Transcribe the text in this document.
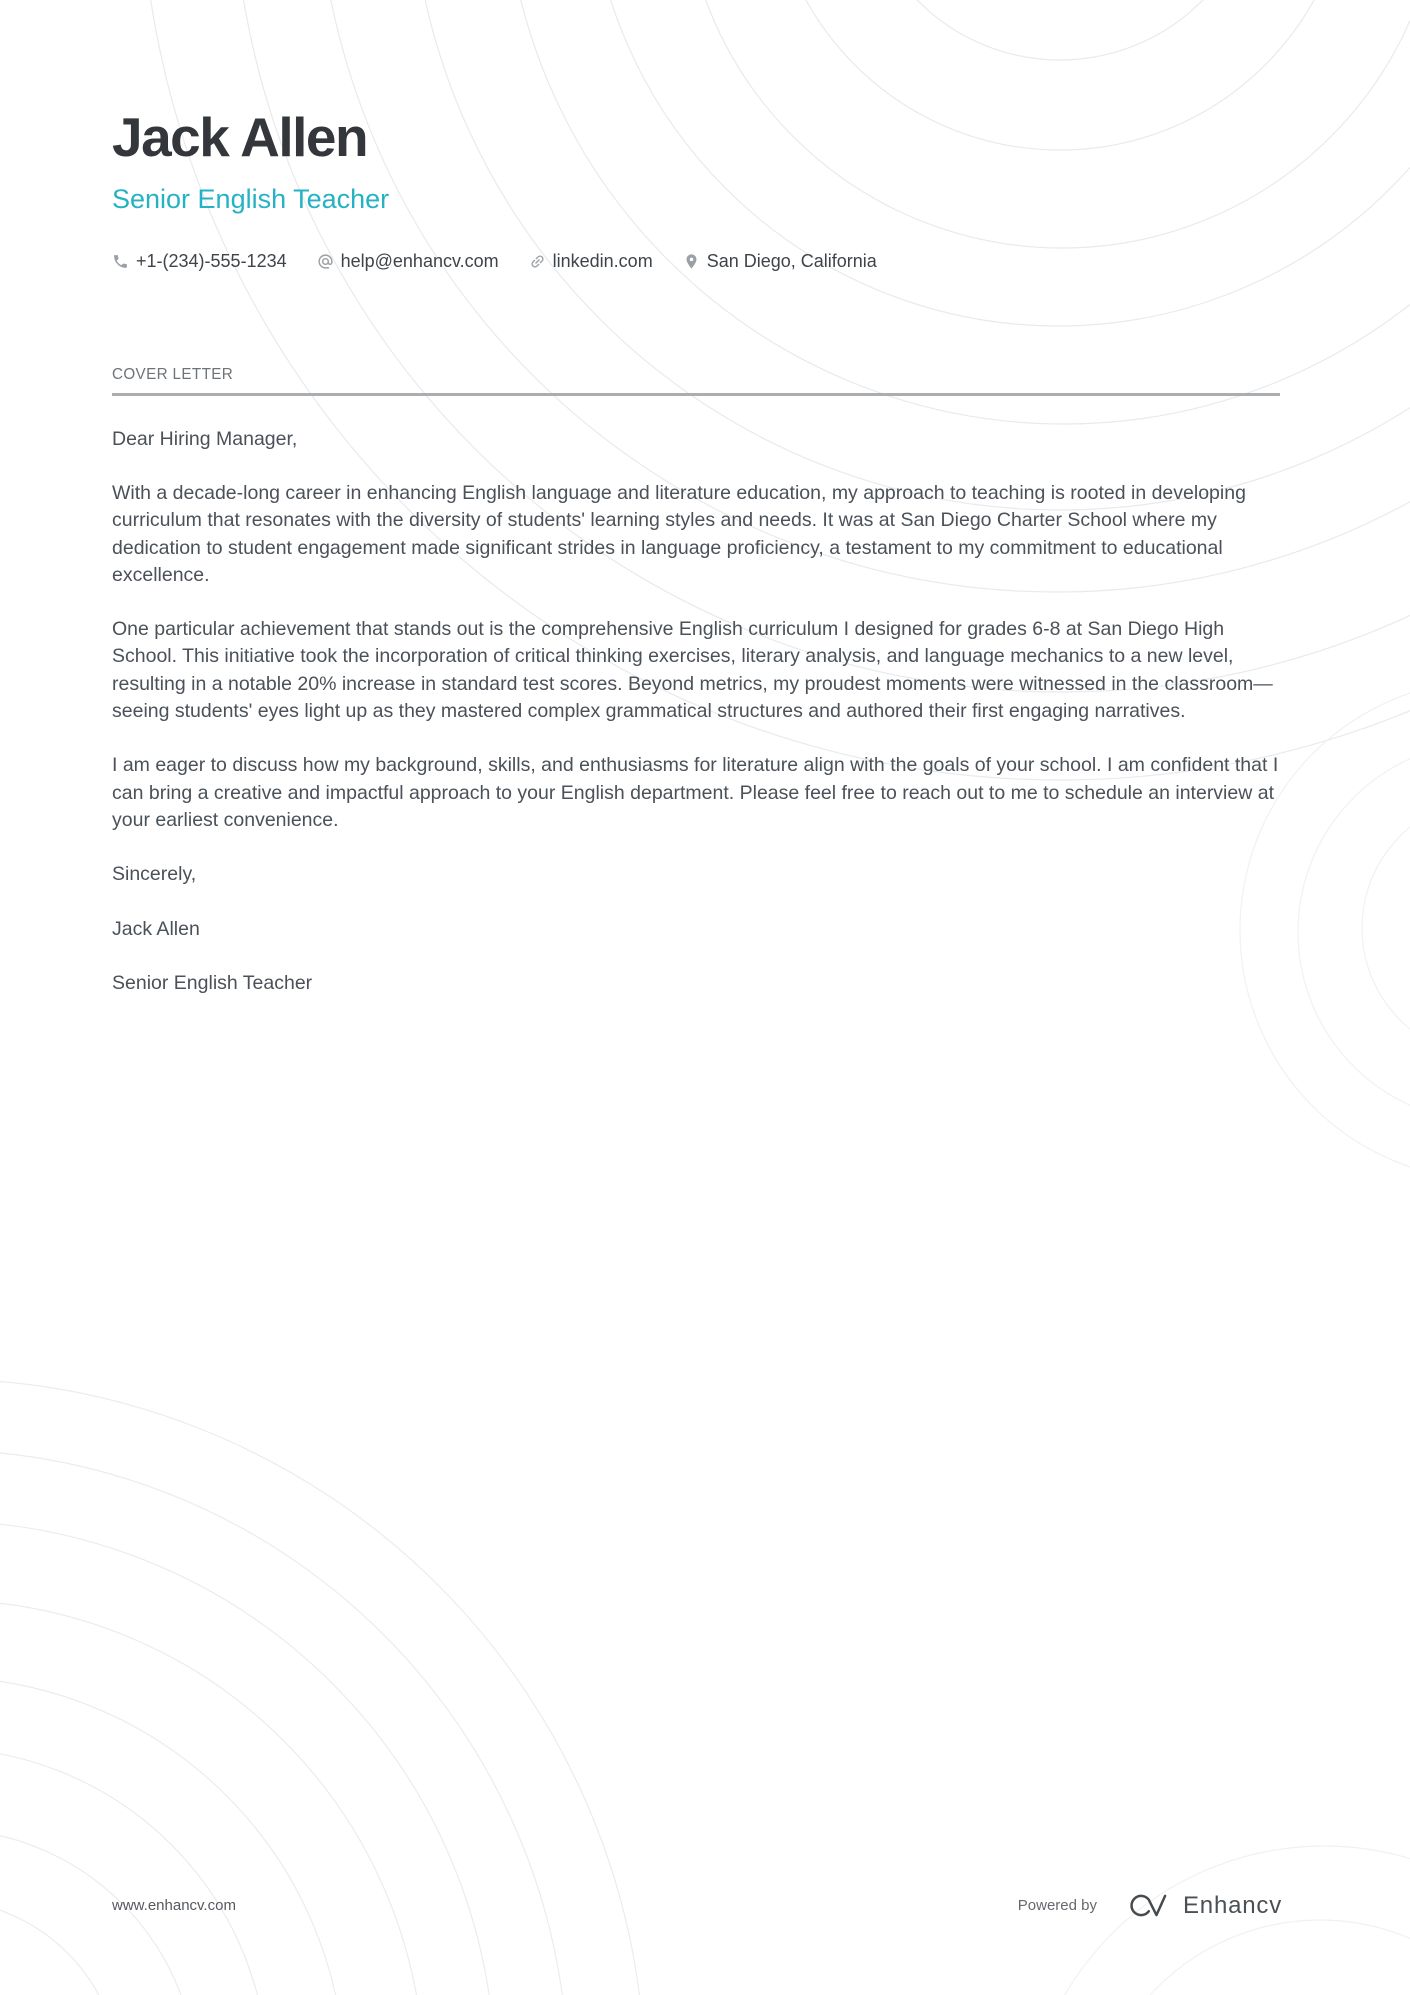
Jack Allen
Senior English Teacher
+1-(234)-555-1234	help@enhancv.com	linkedin.com	San Diego, California
COVER LETTER

Dear Hiring Manager,

With a decade-long career in enhancing English language and literature education, my approach to teaching is rooted in developing curriculum that resonates with the diversity of students' learning styles and needs. It was at San Diego Charter School where my dedication to student engagement made significant strides in language proficiency, a testament to my commitment to educational excellence.

One particular achievement that stands out is the comprehensive English curriculum I designed for grades 6-8 at San Diego High School. This initiative took the incorporation of critical thinking exercises, literary analysis, and language mechanics to a new level, resulting in a notable 20% increase in standard test scores. Beyond metrics, my proudest moments were witnessed in the classroom—seeing students' eyes light up as they mastered complex grammatical structures and authored their first engaging narratives.

I am eager to discuss how my background, skills, and enthusiasms for literature align with the goals of your school. I am confident that I can bring a creative and impactful approach to your English department. Please feel free to reach out to me to schedule an interview at your earliest convenience.

Sincerely,

Jack Allen

Senior English Teacher

www.enhancv.com	Powered by	Enhancv
